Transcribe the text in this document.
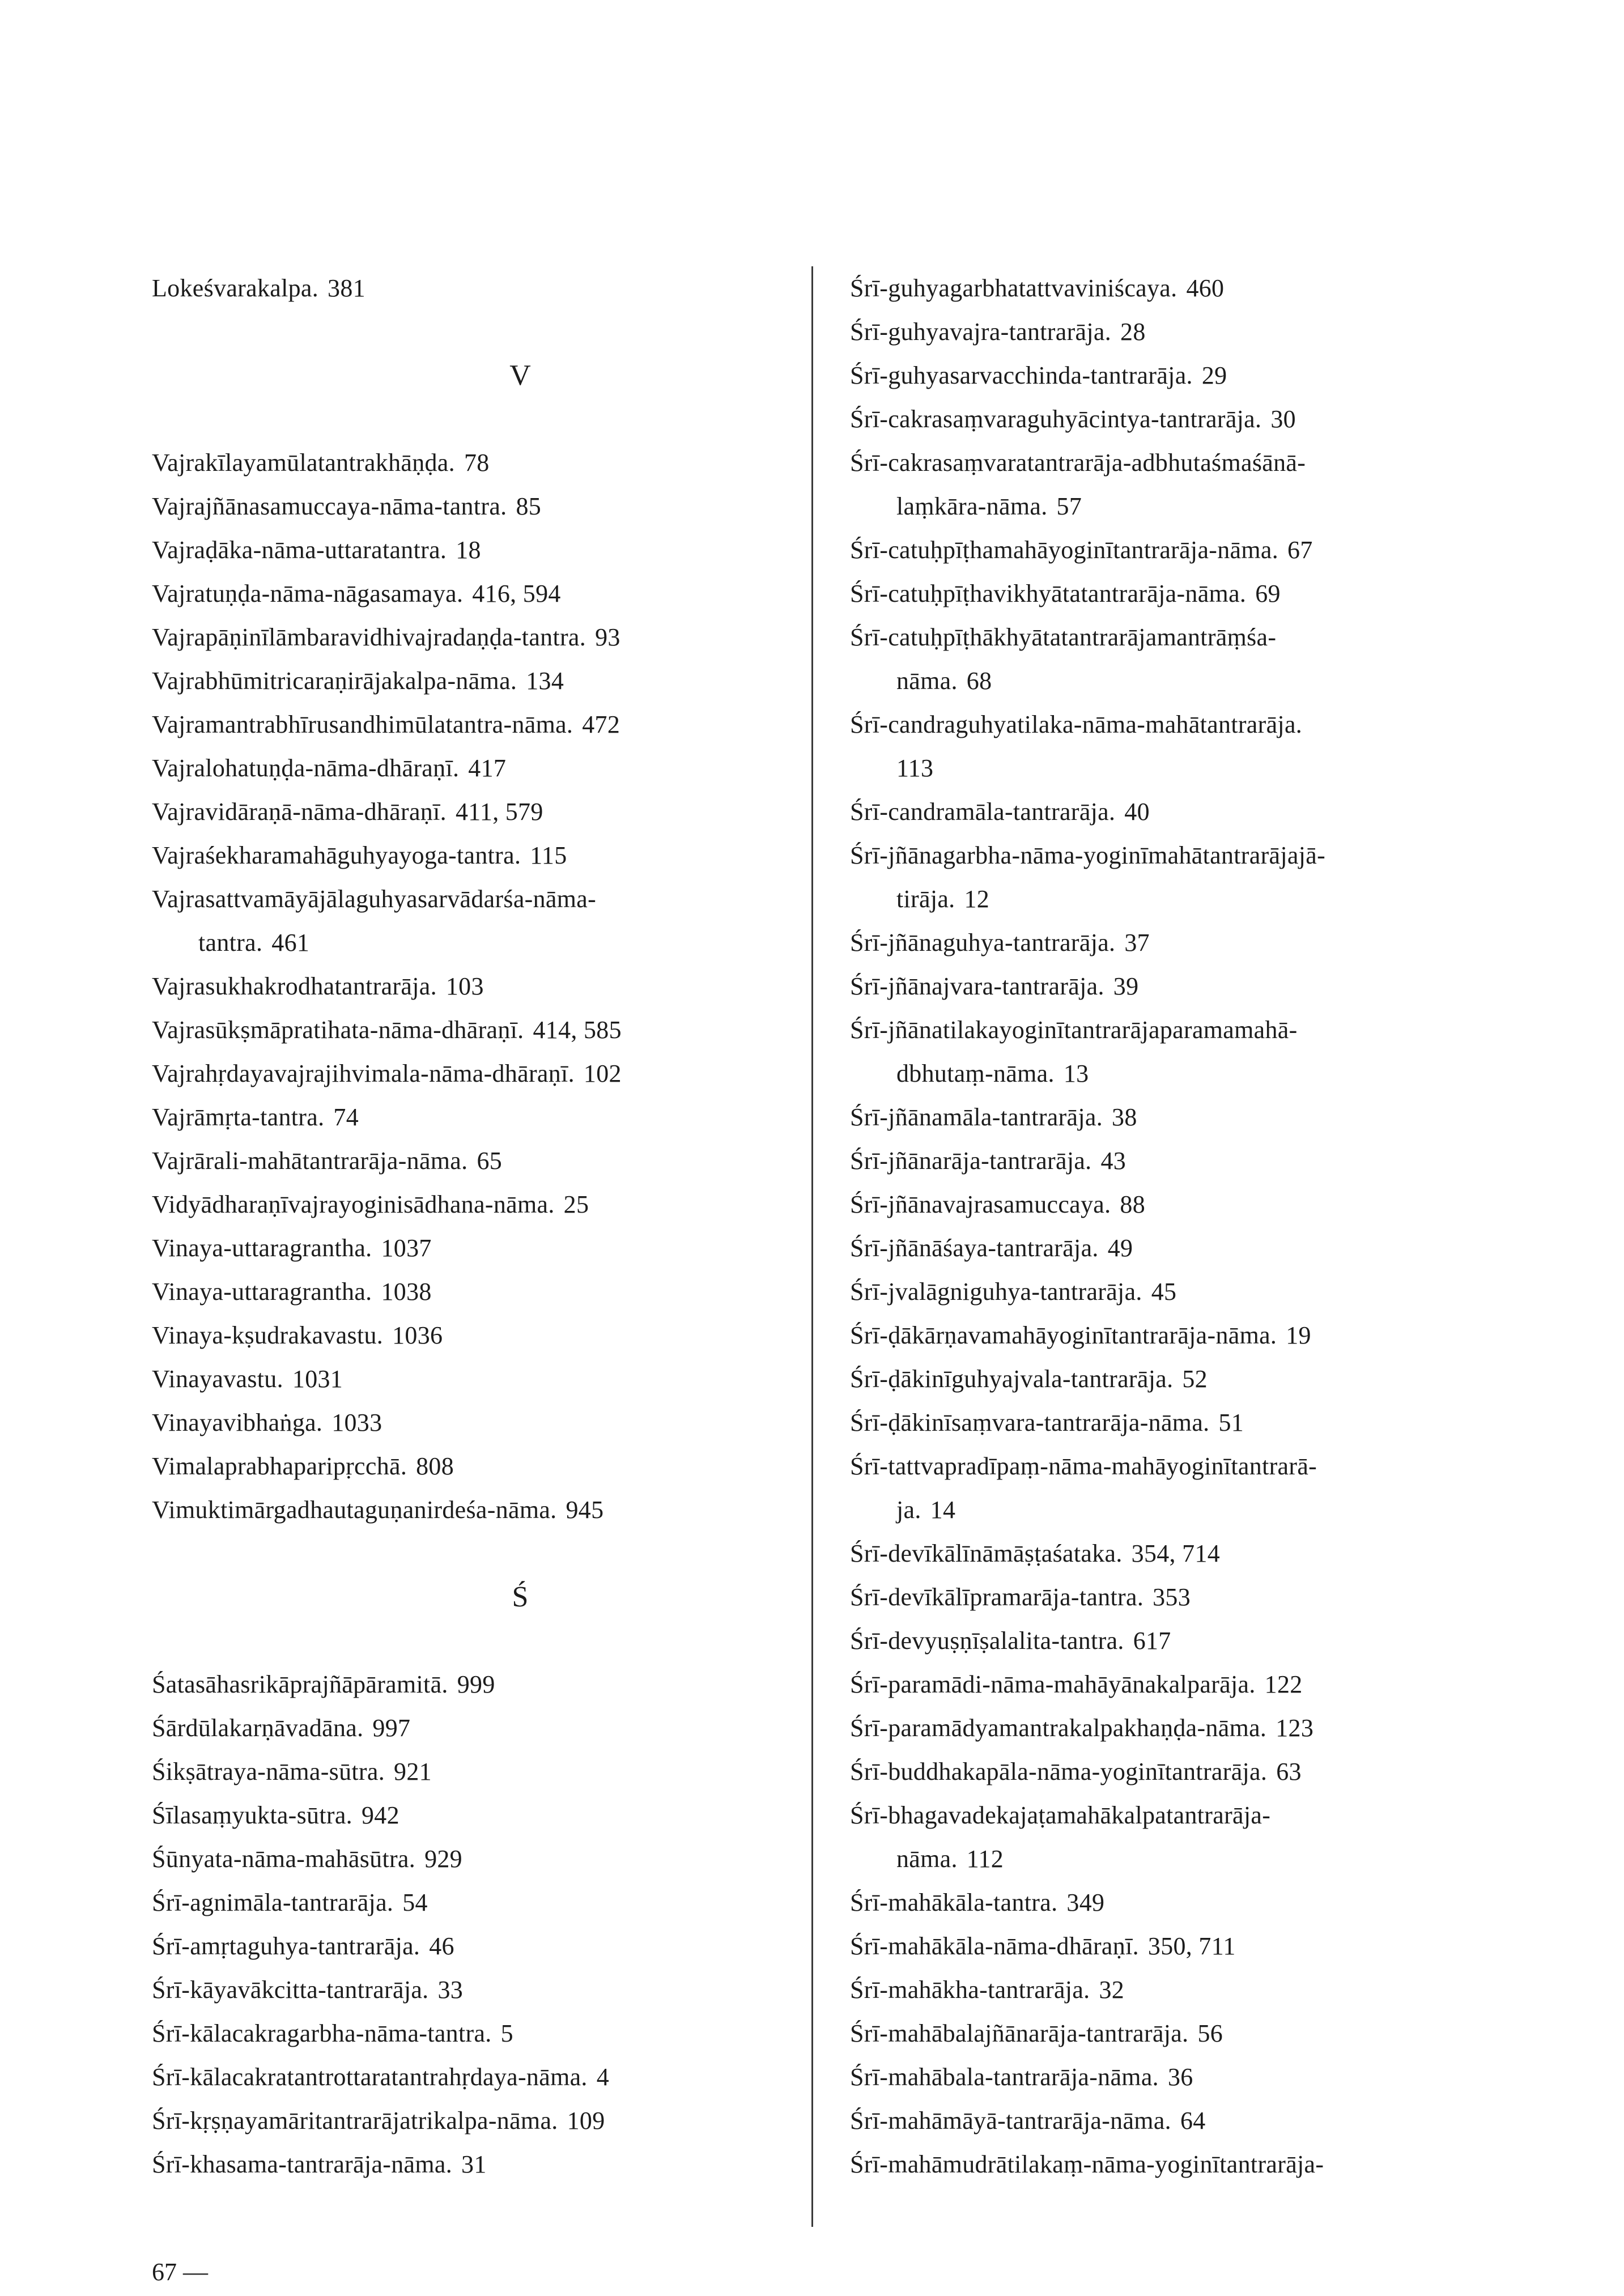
Lokeśvarakalpa. 381
V
Vajrakīlayamūlatantrakhāṇḍa. 78
Vajrajñānasamuccaya-nāma-tantra. 85
Vajraḍāka-nāma-uttaratantra. 18
Vajratuṇḍa-nāma-nāgasamaya. 416, 594
Vajrapāṇinīlāmbaravidhivajradaṇḍa-tantra. 93
Vajrabhūmitricaraṇirājakalpa-nāma. 134
Vajramantrabhīrusandhimūlatantra-nāma. 472
Vajralohatuṇḍa-nāma-dhāraṇī. 417
Vajravidāraṇā-nāma-dhāraṇī. 411, 579
Vajraśekharamahāguhyayoga-tantra. 115
Vajrasattvamāyājālaguhyasarvādarśa-nāma-
tantra. 461
Vajrasukhakrodhatantrarāja. 103
Vajrasūkṣmāpratihata-nāma-dhāraṇī. 414, 585
Vajrahṛdayavajrajihvimala-nāma-dhāraṇī. 102
Vajrāmṛta-tantra. 74
Vajrārali-mahātantrarāja-nāma. 65
Vidyādharaṇīvajrayoginisādhana-nāma. 25
Vinaya-uttaragrantha. 1037
Vinaya-uttaragrantha. 1038
Vinaya-kṣudrakavastu. 1036
Vinayavastu. 1031
Vinayavibhaṅga. 1033
Vimalaprabhaparipṛcchā. 808
Vimuktimārgadhautaguṇanirdeśa-nāma. 945
Ś
Śatasāhasrikāprajñāpāramitā. 999
Śārdūlakarṇāvadāna. 997
Śikṣātraya-nāma-sūtra. 921
Śīlasaṃyukta-sūtra. 942
Śūnyata-nāma-mahāsūtra. 929
Śrī-agnimāla-tantrarāja. 54
Śrī-amṛtaguhya-tantrarāja. 46
Śrī-kāyavākcitta-tantrarāja. 33
Śrī-kālacakragarbha-nāma-tantra. 5
Śrī-kālacakratantrottaratantrahṛdaya-nāma. 4
Śrī-kṛṣṇayamāritantrarājatrikalpa-nāma. 109
Śrī-khasama-tantrarāja-nāma. 31
Śrī-guhyagarbhatattvaviniścaya. 460
Śrī-guhyavajra-tantrarāja. 28
Śrī-guhyasarvacchinda-tantrarāja. 29
Śrī-cakrasaṃvaraguhyācintya-tantrarāja. 30
Śrī-cakrasaṃvaratantrarāja-adbhutaśmaśānā-
laṃkāra-nāma. 57
Śrī-catuḥpīṭhamahāyoginītantrarāja-nāma. 67
Śrī-catuḥpīṭhavikhyātatantrarāja-nāma. 69
Śrī-catuḥpīṭhākhyātatantrarājamantrāṃśa-
nāma. 68
Śrī-candraguhyatilaka-nāma-mahātantrarāja.
113
Śrī-candramāla-tantrarāja. 40
Śrī-jñānagarbha-nāma-yoginīmahātantrarājajā-
tirāja. 12
Śrī-jñānaguhya-tantrarāja. 37
Śrī-jñānajvara-tantrarāja. 39
Śrī-jñānatilakayoginītantrarājaparamamahā-
dbhutaṃ-nāma. 13
Śrī-jñānamāla-tantrarāja. 38
Śrī-jñānarāja-tantrarāja. 43
Śrī-jñānavajrasamuccaya. 88
Śrī-jñānāśaya-tantrarāja. 49
Śrī-jvalāgniguhya-tantrarāja. 45
Śrī-ḍākārṇavamahāyoginītantrarāja-nāma. 19
Śrī-ḍākinīguhyajvala-tantrarāja. 52
Śrī-ḍākinīsaṃvara-tantrarāja-nāma. 51
Śrī-tattvapradīpaṃ-nāma-mahāyoginītantrarā-
ja. 14
Śrī-devīkālīnāmāṣṭaśataka. 354, 714
Śrī-devīkālīpramarāja-tantra. 353
Śrī-devyuṣṇīṣalalita-tantra. 617
Śrī-paramādi-nāma-mahāyānakalparāja. 122
Śrī-paramādyamantrakalpakhaṇḍa-nāma. 123
Śrī-buddhakapāla-nāma-yoginītantrarāja. 63
Śrī-bhagavadekajaṭamahākalpatantrarāja-
nāma. 112
Śrī-mahākāla-tantra. 349
Śrī-mahākāla-nāma-dhāraṇī. 350, 711
Śrī-mahākha-tantrarāja. 32
Śrī-mahābalajñānarāja-tantrarāja. 56
Śrī-mahābala-tantrarāja-nāma. 36
Śrī-mahāmāyā-tantrarāja-nāma. 64
Śrī-mahāmudrātilakaṃ-nāma-yoginītantrarāja-
67 —
